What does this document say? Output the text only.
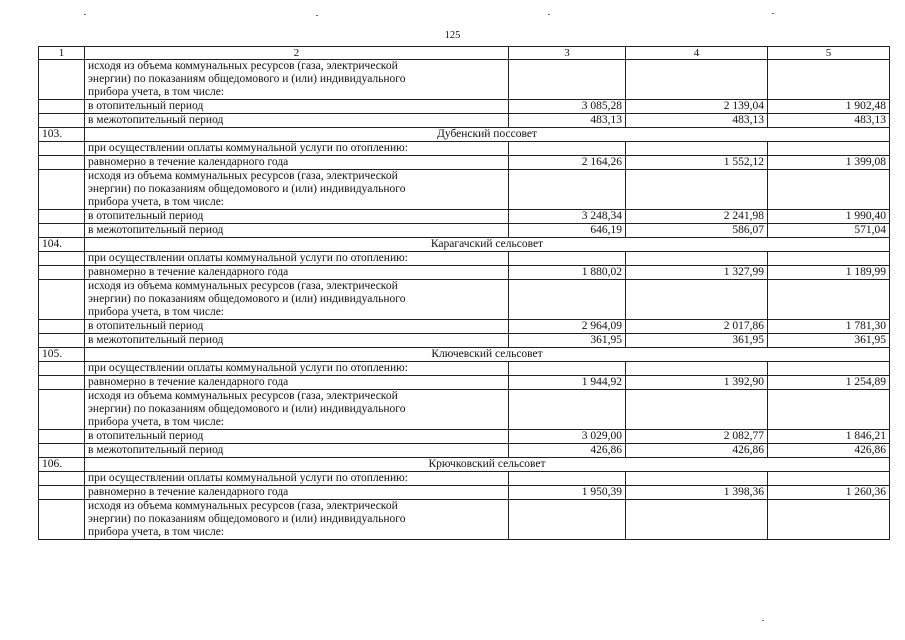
125
1	2	3	4	5

	исходя из объема коммунальных ресурсов (газа, электрической
энергии) по показаниям общедомового и (или) индивидуального
прибора учета, в том числе:			

	в отопительный период	3 085,28	2 139,04	1 902,48
	в межотопительный период	483,13	483,13	483,13
103.	Дубенский поссовет			
	при осуществлении оплаты коммунальной услуги по отоплению:			
	равномерно в течение календарного года	2 164,26	1 552,12	1 399,08

	исходя из объема коммунальных ресурсов (газа, электрической
энергии) по показаниям общедомового и (или) индивидуального
прибора учета, в том числе:			

	в отопительный период	3 248,34	2 241,98	1 990,40
	в межотопительный период	646,19	586,07	571,04
104.	Карагачский сельсовет			
	при осуществлении оплаты коммунальной услуги по отоплению:			
	равномерно в течение календарного года	1 880,02	1 327,99	1 189,99

	исходя из объема коммунальных ресурсов (газа, электрической
энергии) по показаниям общедомового и (или) индивидуального
прибора учета, в том числе:			

	в отопительный период	2 964,09	2 017,86	1 781,30
	в межотопительный период	361,95	361,95	361,95
105.	Ключевский сельсовет			
	при осуществлении оплаты коммунальной услуги по отоплению:			
	равномерно в течение календарного года	1 944,92	1 392,90	1 254,89

	исходя из объема коммунальных ресурсов (газа, электрической
энергии) по показаниям общедомового и (или) индивидуального
прибора учета, в том числе:			

	в отопительный период	3 029,00	2 082,77	1 846,21
	в межотопительный период	426,86	426,86	426,86
106.	Крючковский сельсовет			
	при осуществлении оплаты коммунальной услуги по отоплению:			
	равномерно в течение календарного года	1 950,39	1 398,36	1 260,36

	исходя из объема коммунальных ресурсов (газа, электрической
энергии) по показаниям общедомового и (или) индивидуального
прибора учета, в том числе:			
